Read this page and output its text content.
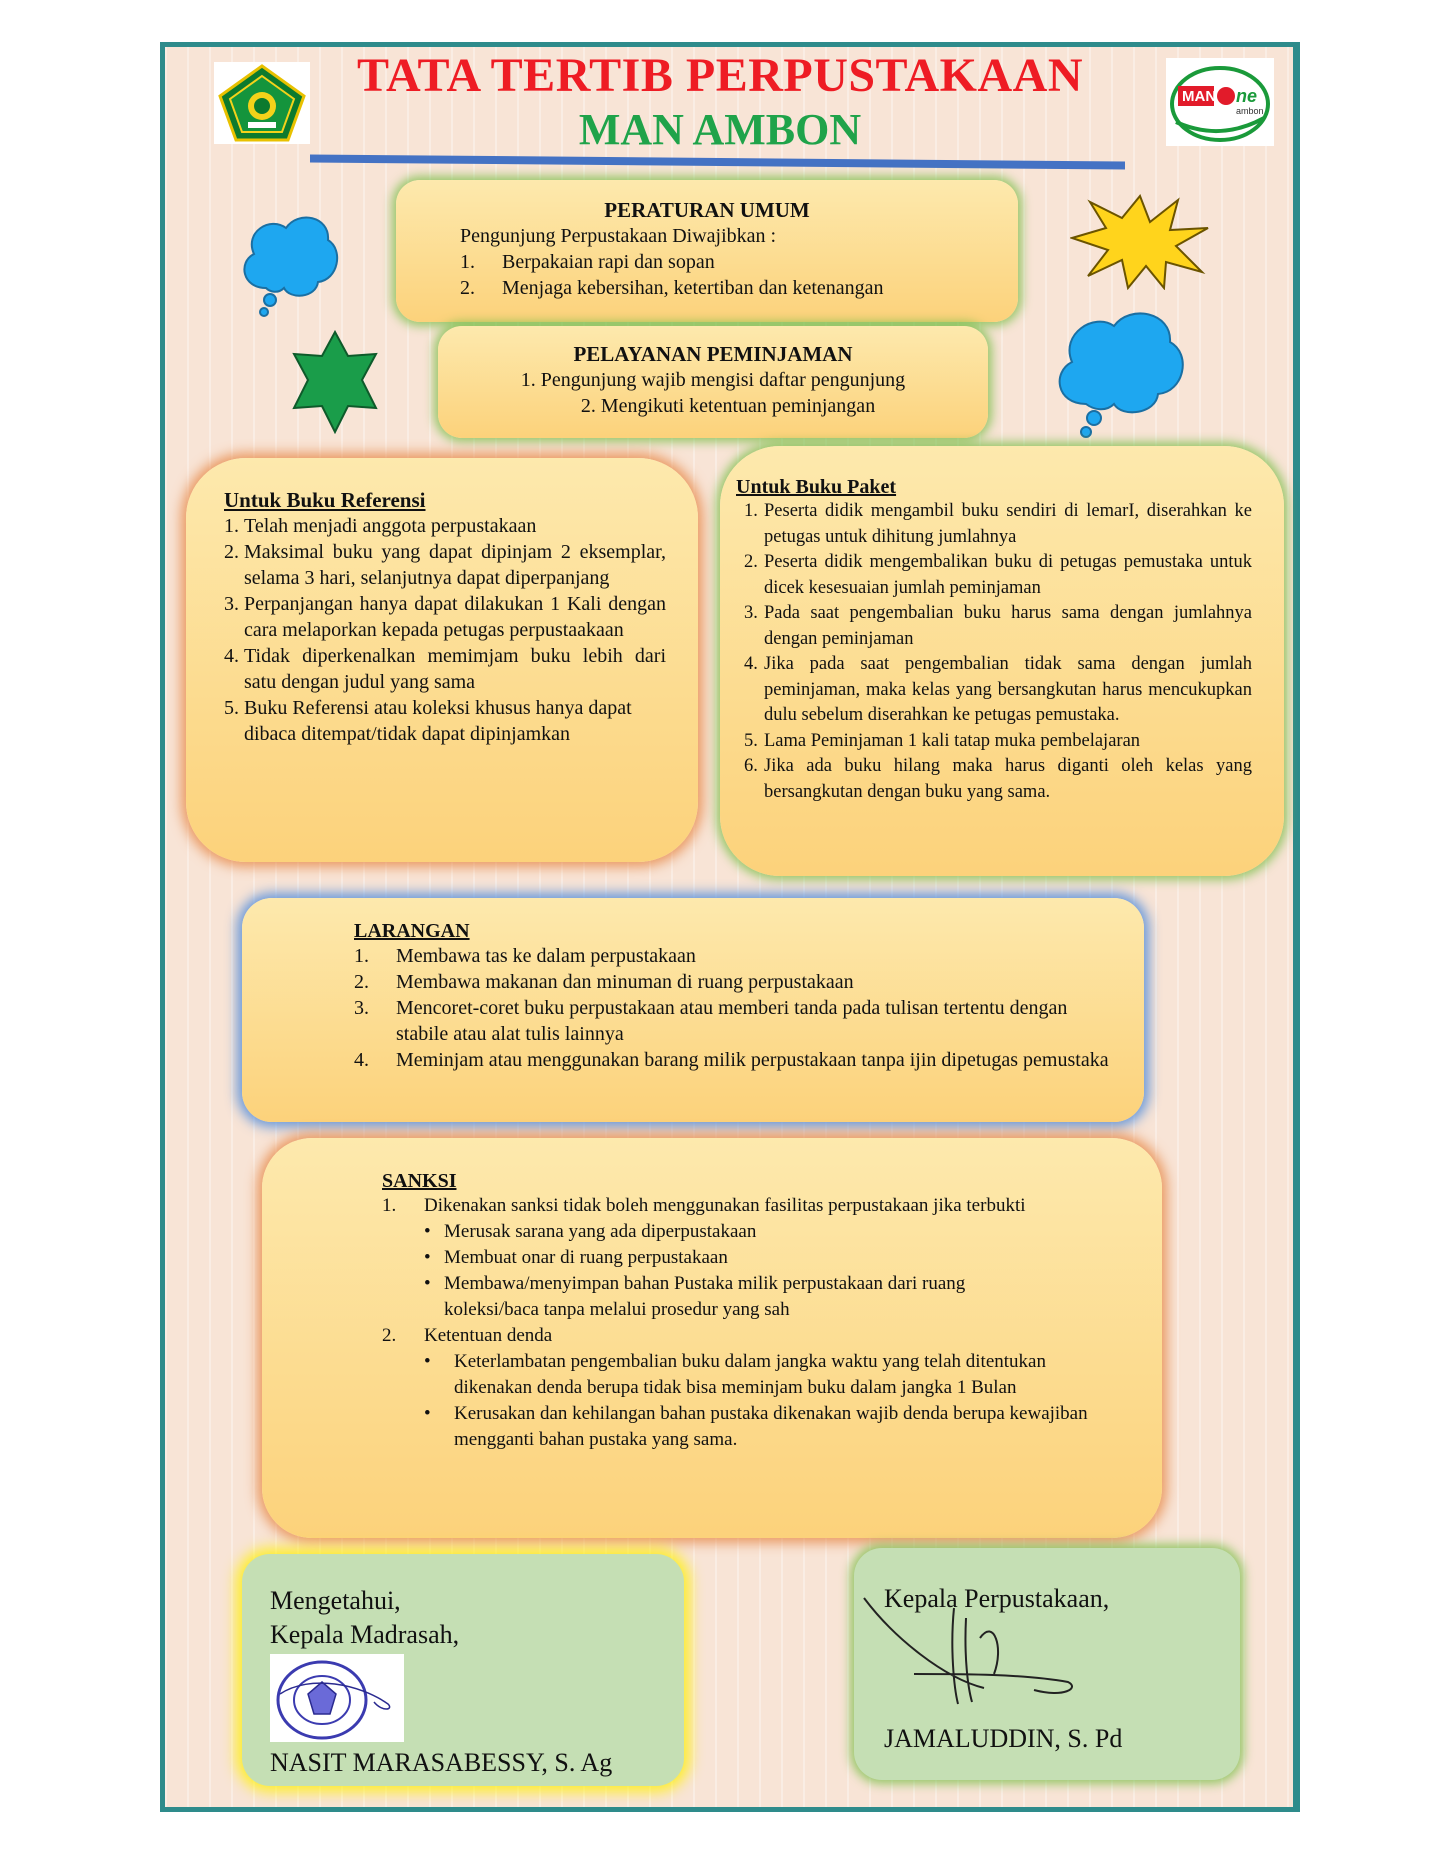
TATA TERTIB PERPUSTAKAAN
MAN AMBON
MAN ne
ambon
PERATURAN UMUM
Pengunjung Perpustakaan Diwajibkan :
1.	Berpakaian rapi dan sopan
2.	Menjaga kebersihan, ketertiban dan ketenangan
PELAYANAN PEMINJAMAN
1. Pengunjung wajib mengisi daftar pengunjung
2. Mengikuti ketentuan peminjangan
Untuk Buku Referensi
1. Telah menjadi anggota perpustakaan
2. Maksimal buku yang dapat dipinjam 2 eksemplar, selama 3 hari, selanjutnya dapat diperpanjang
3. Perpanjangan hanya dapat dilakukan 1 Kali dengan cara melaporkan kepada petugas perpustaakaan
4. Tidak diperkenalkan memimjam buku lebih dari satu dengan judul yang sama
5. Buku Referensi atau koleksi khusus hanya dapat dibaca ditempat/tidak dapat dipinjamkan
Untuk Buku Paket
1. Peserta didik mengambil buku sendiri di lemarI, diserahkan ke petugas untuk dihitung jumlahnya
2. Peserta didik mengembalikan buku di petugas pemustaka untuk dicek kesesuaian jumlah peminjaman
3. Pada saat pengembalian buku harus sama dengan jumlahnya dengan peminjaman
4. Jika pada saat pengembalian tidak sama dengan jumlah peminjaman, maka kelas yang bersangkutan harus mencukupkan dulu sebelum diserahkan ke petugas pemustaka.
5. Lama Peminjaman 1 kali tatap muka pembelajaran
6. Jika ada buku hilang maka harus diganti oleh kelas yang bersangkutan dengan buku yang sama.
LARANGAN
1.	Membawa tas ke dalam perpustakaan
2.	Membawa makanan dan minuman di ruang perpustakaan
3.	Mencoret-coret buku perpustakaan atau memberi tanda pada tulisan tertentu dengan stabile atau alat tulis lainnya
4.	Meminjam atau menggunakan barang milik perpustakaan tanpa ijin dipetugas pemustaka
SANKSI
1.	Dikenakan sanksi tidak boleh menggunakan fasilitas perpustakaan jika terbukti
• Merusak sarana yang ada diperpustakaan
• Membuat onar di ruang perpustakaan
• Membawa/menyimpan bahan Pustaka milik perpustakaan dari ruang koleksi/baca tanpa melalui prosedur yang sah
2.	Ketentuan denda
•	Keterlambatan pengembalian buku dalam jangka waktu yang telah ditentukan dikenakan denda berupa tidak bisa meminjam buku dalam jangka 1 Bulan
•	Kerusakan dan kehilangan bahan pustaka dikenakan wajib denda berupa kewajiban mengganti bahan pustaka yang sama.
Mengetahui,
Kepala Madrasah,
NASIT MARASABESSY, S. Ag
Kepala Perpustakaan,
JAMALUDDIN, S. Pd
